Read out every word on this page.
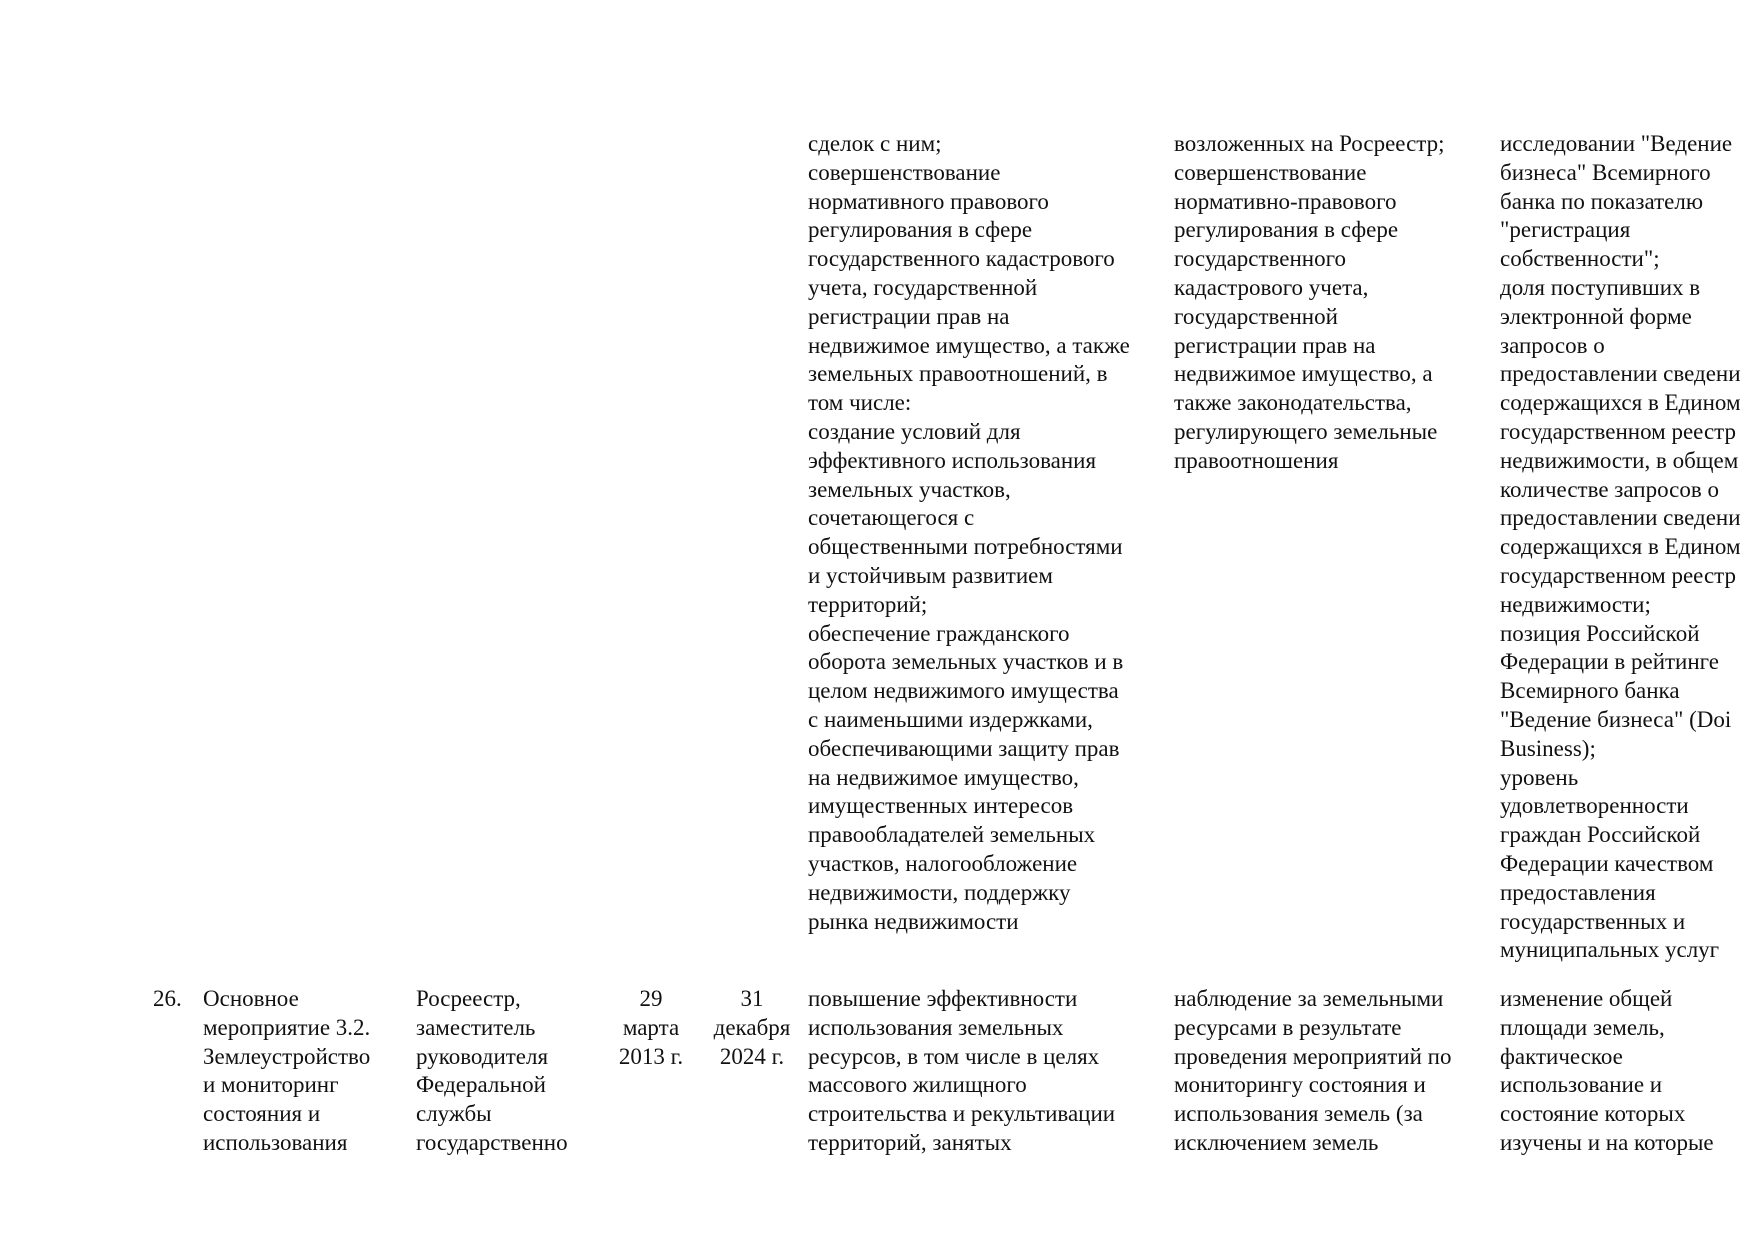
сделок с ним;
совершенствование
нормативного правового
регулирования в сфере
государственного кадастрового
учета, государственной
регистрации прав на
недвижимое имущество, а также
земельных правоотношений, в
том числе:
создание условий для
эффективного использования
земельных участков,
сочетающегося с
общественными потребностями
и устойчивым развитием
территорий;
обеспечение гражданского
оборота земельных участков и в
целом недвижимого имущества
с наименьшими издержками,
обеспечивающими защиту прав
на недвижимое имущество,
имущественных интересов
правообладателей земельных
участков, налогообложение
недвижимости, поддержку
рынка недвижимости
возложенных на Росреестр;
совершенствование
нормативно-правового
регулирования в сфере
государственного
кадастрового учета,
государственной
регистрации прав на
недвижимое имущество, а
также законодательства,
регулирующего земельные
правоотношения
исследовании "Ведение
бизнеса" Всемирного
банка по показателю
"регистрация
собственности";
доля поступивших в
электронной форме
запросов о
предоставлении сведени
содержащихся в Едином
государственном реестр
недвижимости, в общем
количестве запросов о
предоставлении сведени
содержащихся в Едином
государственном реестр
недвижимости;
позиция Российской
Федерации в рейтинге
Всемирного банка
"Ведение бизнеса" (Doi
Business);
уровень
удовлетворенности
граждан Российской
Федерации качеством
предоставления
государственных и
муниципальных услуг
26. Основное
мероприятие 3.2.
Землеустройство
и мониторинг
состояния и
использования
Росреестр,
заместитель
руководителя
Федеральной
службы
государственно
29
марта
2013 г.
31
декабря
2024 г.
повышение эффективности
использования земельных
ресурсов, в том числе в целях
массового жилищного
строительства и рекультивации
территорий, занятых
наблюдение за земельными
ресурсами в результате
проведения мероприятий по
мониторингу состояния и
использования земель (за
исключением земель
изменение общей
площади земель,
фактическое
использование и
состояние которых
изучены и на которые
